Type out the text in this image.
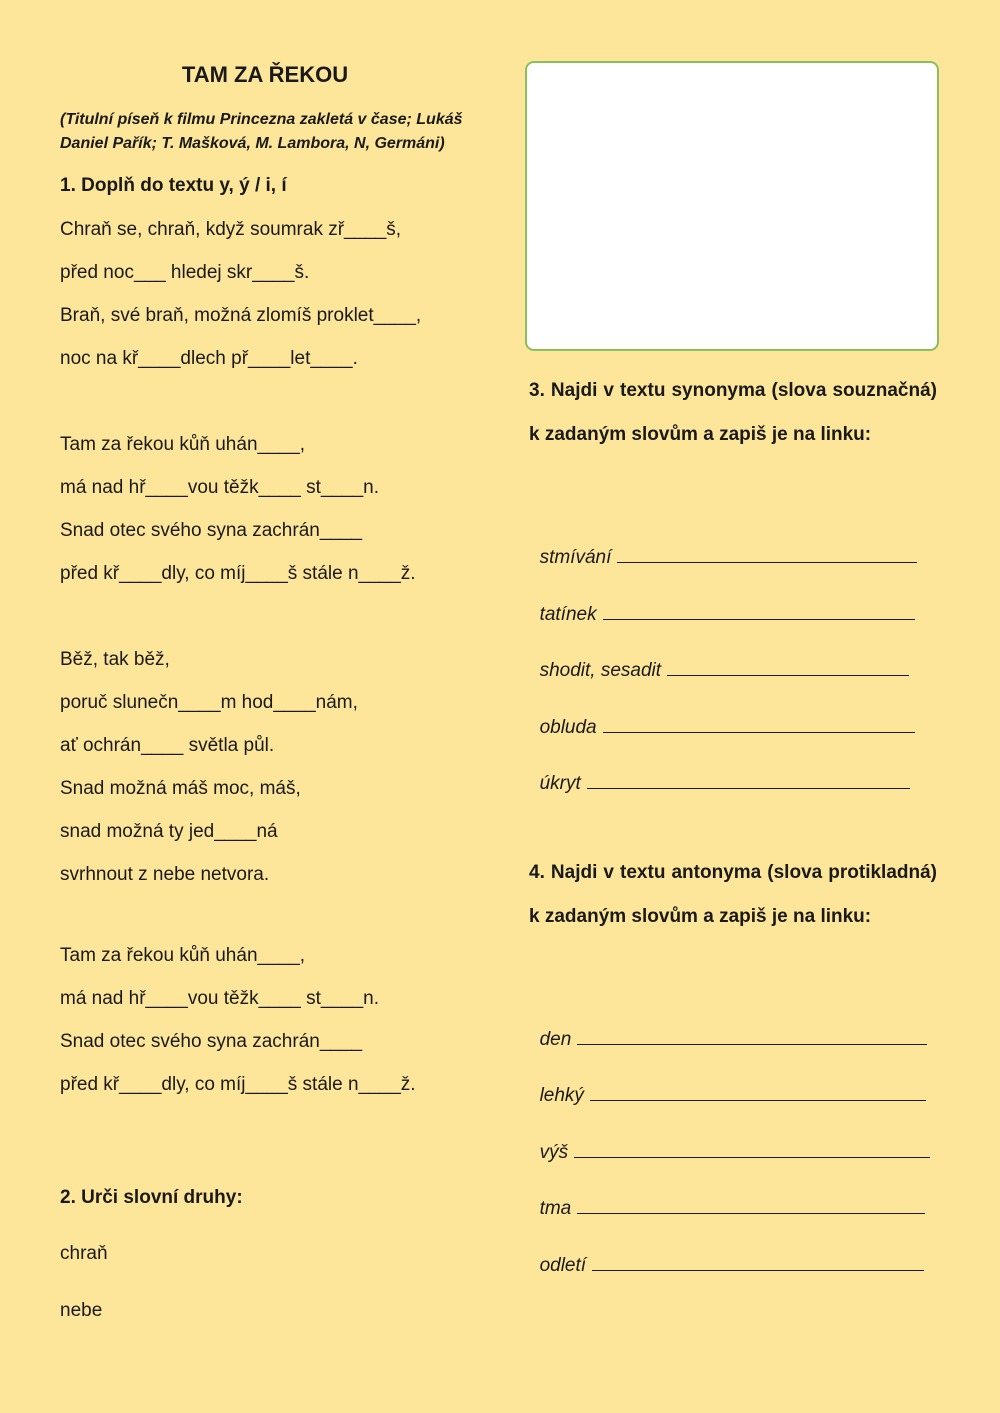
TAM ZA ŘEKOU
(Titulní píseň k filmu Princezna zakletá v čase; Lukáš Daniel Pařík; T. Mašková, M. Lambora, N, Germáni)
1. Doplň do textu y, ý / i, í
Chraň se, chraň, když soumrak zř____š,
před noc___ hledej skr____š.
Braň, své braň, možná zlomíš proklet____,
noc na kř____dlech př____let____.
Tam za řekou kůň uhán____,
má nad hř____vou těžk____ st____n.
Snad otec svého syna zachrán____
před kř____dly, co míj____š stále n____ž.
Běž, tak běž,
poruč slunečn____m hod____nám,
ať ochrán____ světla půl.
Snad možná máš moc, máš,
snad možná ty jed____ná
svrhnout z nebe netvora.
Tam za řekou kůň uhán____,
má nad hř____vou těžk____ st____n.
Snad otec svého syna zachrán____
před kř____dly, co míj____š stále n____ž.
2. Urči slovní druhy:
chraň
nebe
3. Najdi v textu synonyma (slova souznačná) k zadaným slovům a zapiš je na linku:

stmívání

tatínek

shodit, sesadit

obluda

úkryt

4. Najdi v textu antonyma (slova protikladná) k zadaným slovům a zapiš je na linku:

den

lehký

výš

tma

odletí
